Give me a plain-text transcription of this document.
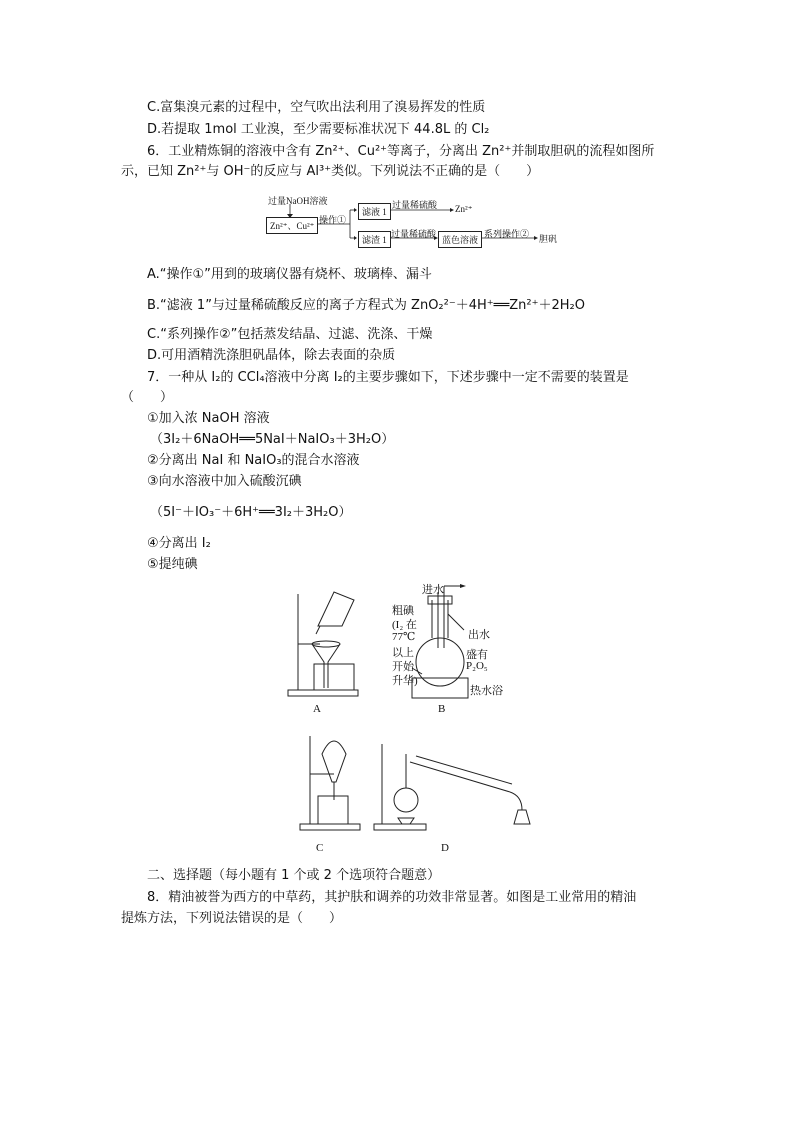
C.富集溴元素的过程中，空气吹出法利用了溴易挥发的性质
D.若提取 1mol 工业溴，至少需要标准状况下 44.8L 的 Cl₂
6．工业精炼铜的溶液中含有 Zn²⁺、Cu²⁺等离子，分离出 Zn²⁺并制取胆矾的流程如图所
示，已知 Zn²⁺与 OH⁻的反应与 Al³⁺类似。下列说法不正确的是（　　）
过量NaOH溶液
Zn²⁺、Cu²⁺
操作①
滤液 1
过量稀硫酸 Zn²⁺
滤渣 1
过量稀硫酸
蓝色溶液
系列操作② 胆矾
A.“操作①”用到的玻璃仪器有烧杯、玻璃棒、漏斗
B.“滤液 1”与过量稀硫酸反应的离子方程式为 ZnO₂²⁻＋4H⁺══Zn²⁺＋2H₂O
C.“系列操作②”包括蒸发结晶、过滤、洗涤、干燥
D.可用酒精洗涤胆矾晶体，除去表面的杂质
7．一种从 I₂的 CCl₄溶液中分离 I₂的主要步骤如下，下述步骤中一定不需要的装置是
（　　）
①加入浓 NaOH 溶液
（3I₂＋6NaOH══5NaI＋NaIO₃＋3H₂O）
②分离出 NaI 和 NaIO₃的混合水溶液
③向水溶液中加入硫酸沉碘
（5I⁻＋IO₃⁻＋6H⁺══3I₂＋3H₂O）
④分离出 I₂
⑤提纯碘
A	B
C	D
进水
出水
粗碘
(I₂ 在
77℃
以上
开始
升华)
盛有
P₂O₅
热水浴
二、选择题（每小题有 1 个或 2 个选项符合题意）
8．精油被誉为西方的中草药，其护肤和调养的功效非常显著。如图是工业常用的精油
提炼方法，下列说法错误的是（　　）
